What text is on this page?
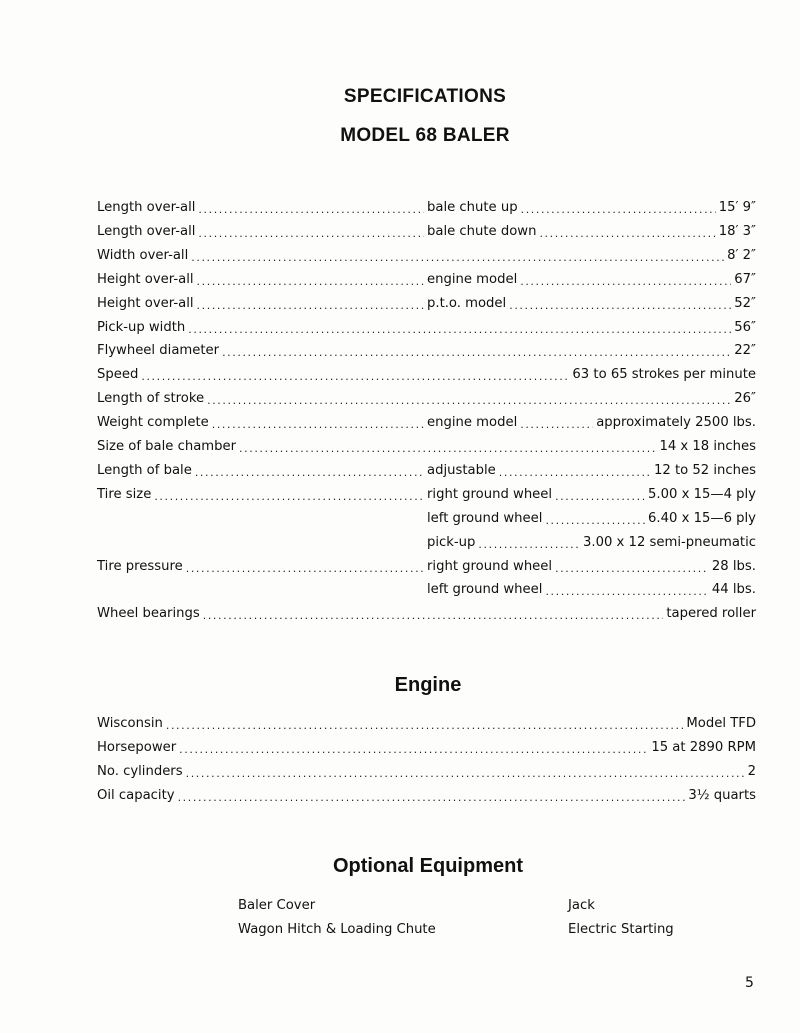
SPECIFICATIONS
MODEL 68 BALER
Length over-all .....	bale chute up .....	15′ 9″
Length over-all .....	bale chute down .....	18′ 3″
Width over-all .....	8′ 2″
Height over-all .....	engine model .....	67″
Height over-all .....	p.t.o. model .....	52″
Pick-up width .....	56″
Flywheel diameter .....	22″
Speed .....	63 to 65 strokes per minute
Length of stroke .....	26″
Weight complete .....	engine model .....	approximately 2500 lbs.
Size of bale chamber .....	14 x 18 inches
Length of bale .....	adjustable .....	12 to 52 inches
Tire size .....	right ground wheel .....	5.00 x 15—4 ply
left ground wheel .....	6.40 x 15—6 ply
pick-up .....	3.00 x 12 semi-pneumatic
Tire pressure .....	right ground wheel .....	28 lbs.
left ground wheel .....	44 lbs.
Wheel bearings .....	tapered roller
Engine
Wisconsin .....	Model TFD
Horsepower .....	15 at 2890 RPM
No. cylinders .....	2
Oil capacity .....	3½ quarts
Optional Equipment
Baler Cover
Wagon Hitch & Loading Chute
Jack
Electric Starting
5
